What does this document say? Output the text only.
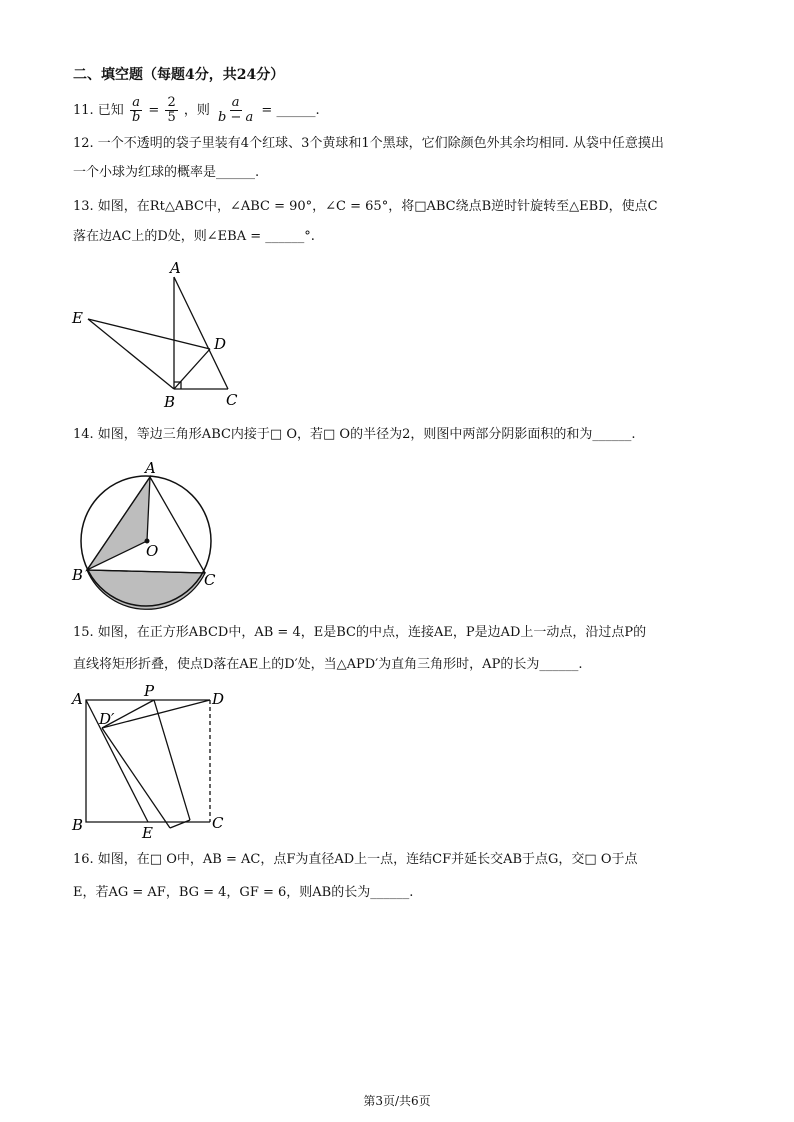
二、填空题（每题4分，共24分）
11. 已知 $\frac{a}{b} = \frac{2}{5}$ ，则 $\frac{a}{b - a}$ = ______.
12. 一个不透明的袋子里装有4个红球、3个黄球和1个黑球，它们除颜色外其余均相同. 从袋中任意摸出
一个小球为红球的概率是______.
13. 如图，在Rt△ABC中，∠ABC = 90°，∠C = 65°，将□ABC绕点B逆时针旋转至△EBD，使点C
落在边AC上的D处，则∠EBA = ______°.
A
B	C
D
E
14. 如图，等边三角形ABC内接于□ O，若□ O的半径为2，则图中两部分阴影面积的和为______.
A
B	C
O
15. 如图，在正方形ABCD中，AB = 4，E是BC的中点，连接AE，P是边AD上一动点，沿过点P的
直线将矩形折叠，使点D落在AE上的D′处，当△APD′为直角三角形时，AP的长为______.
A
B	C
D
E
P
D′
16. 如图，在□ O中，AB = AC，点F为直径AD上一点，连结CF并延长交AB于点G，交□ O于点
E，若AG = AF，BG = 4，GF = 6，则AB的长为______.
第3页/共6页
